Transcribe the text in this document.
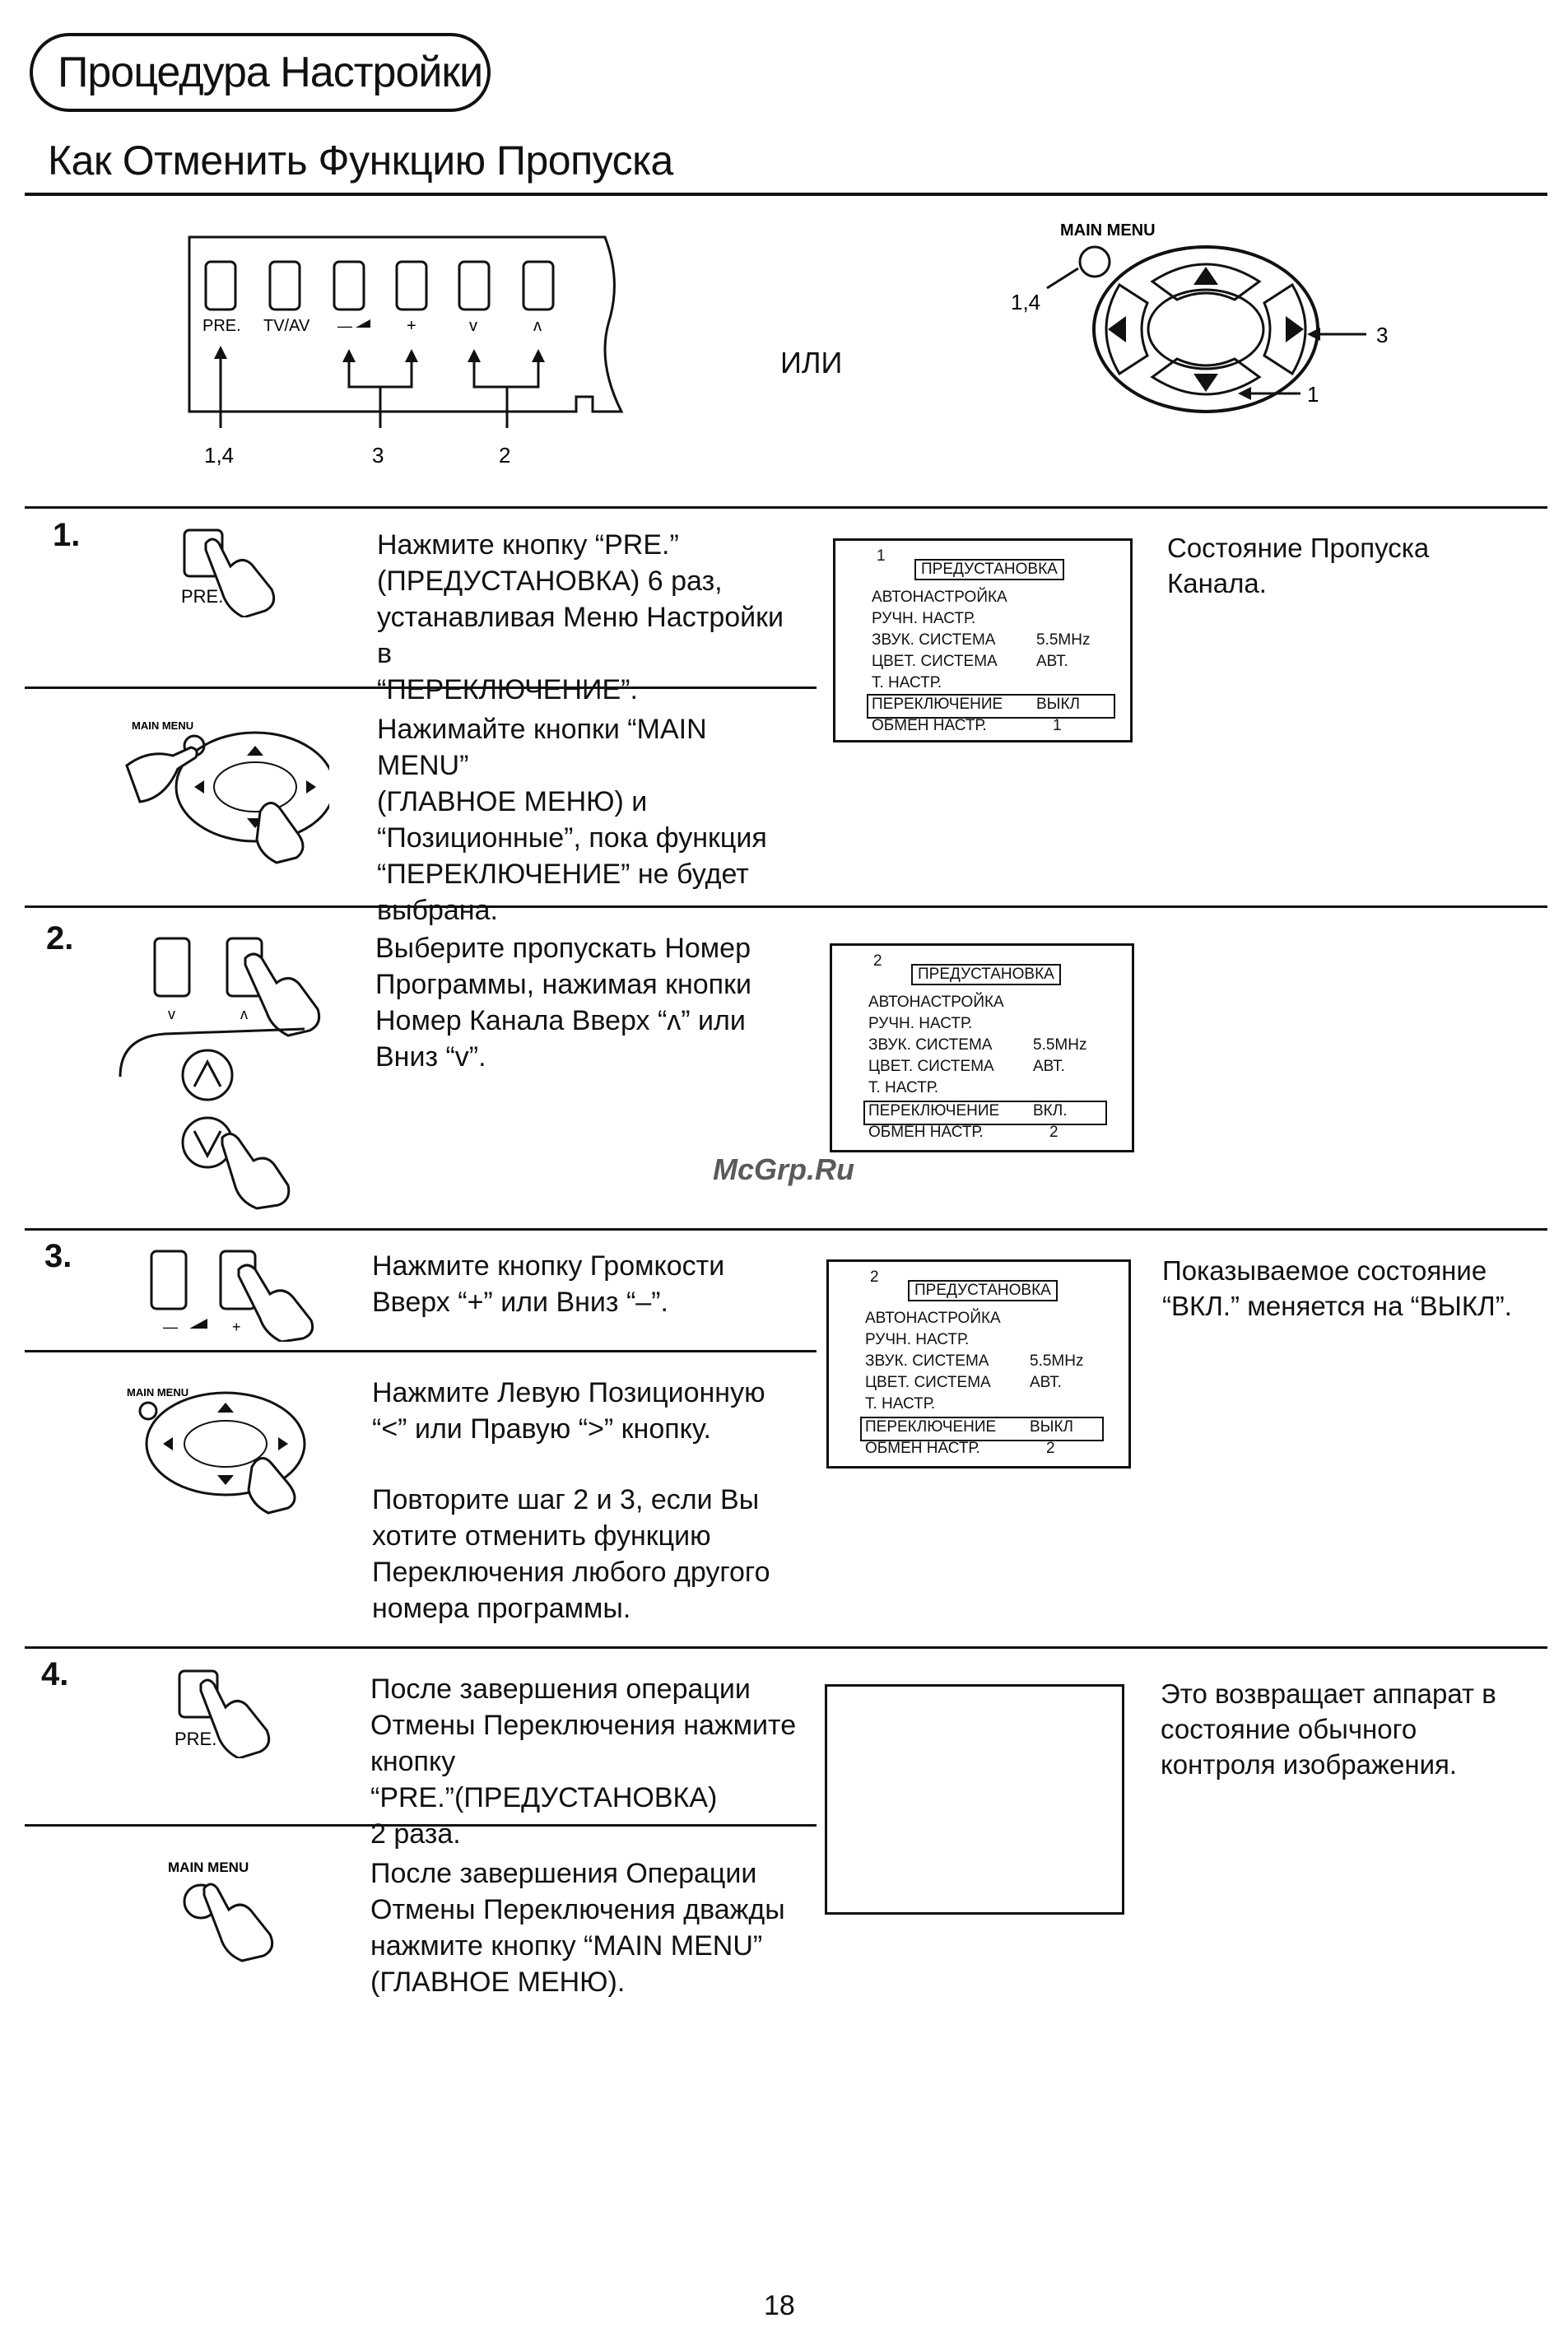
Процедура Настройки
Как Отменить Функцию Пропуска
PRE. TV/AV —	+	v	ʌ
1,4	3	2
ИЛИ
MAIN MENU
1,4
3
1
1.
PRE.
Нажмите кнопку “PRE.”
(ПРЕДУСТАНОВКА) 6 раз,
устанавливая Меню Настройки в
“ПЕРЕКЛЮЧЕНИЕ”.
MAIN MENU	Нажимайте кнопки “MAIN MENU”
(ГЛАВНОЕ МЕНЮ) и
“Позиционные”, пока функция
“ПЕРЕКЛЮЧЕНИЕ” не будет
выбрана.
1
ПРЕДУСТАНОВКА
АВТОНАСТРОЙКА
РУЧН. НАСТР.
ЗВУК. СИСТЕМА	5.5MHz
ЦВЕТ. СИСТЕМА АВТ.
Т. НАСТР.
ПЕРЕКЛЮЧЕНИЕ ВЫКЛ
ОБМЕН НАСТР.	1
Состояние Пропуска
Канала.
2.
v	ʌ
Выберите пропускать Номер
Программы, нажимая кнопки
Номер Канала Вверх “ʌ” или
Вниз “v”.
2
ПРЕДУСТАНОВКА
АВТОНАСТРОЙКА
РУЧН. НАСТР.
ЗВУК. СИСТЕМА	5.5MHz
ЦВЕТ. СИСТЕМА АВТ.
Т. НАСТР.
ПЕРЕКЛЮЧЕНИЕ ВКЛ.
ОБМЕН НАСТР.	2
McGrp.Ru
3.
—	+
Нажмите кнопку Громкости
Вверх “+” или Вниз “–”.
MAIN MENU	Нажмите Левую Позиционную
“<” или Правую “>” кнопку.
Повторите шаг 2 и 3, если Вы
хотите отменить функцию
Переключения любого другого
номера программы.
2
ПРЕДУСТАНОВКА
АВТОНАСТРОЙКА
РУЧН. НАСТР.
ЗВУК. СИСТЕМА	5.5MHz
ЦВЕТ. СИСТЕМА АВТ.
Т. НАСТР.
ПЕРЕКЛЮЧЕНИЕ ВЫКЛ
ОБМЕН НАСТР.	2
Показываемое состояние
“ВКЛ.” меняется на “ВЫКЛ”.
4.
PRE.
После завершения операции
Отмены Переключения нажмите
кнопку “PRE.”(ПРЕДУСТАНОВКА)
2 раза.
MAIN MENU	После завершения Операции
Отмены Переключения дважды
нажмите кнопку “MAIN MENU”
(ГЛАВНОЕ МЕНЮ).
Это возвращает аппарат в
состояние обычного
контроля изображения.
18
